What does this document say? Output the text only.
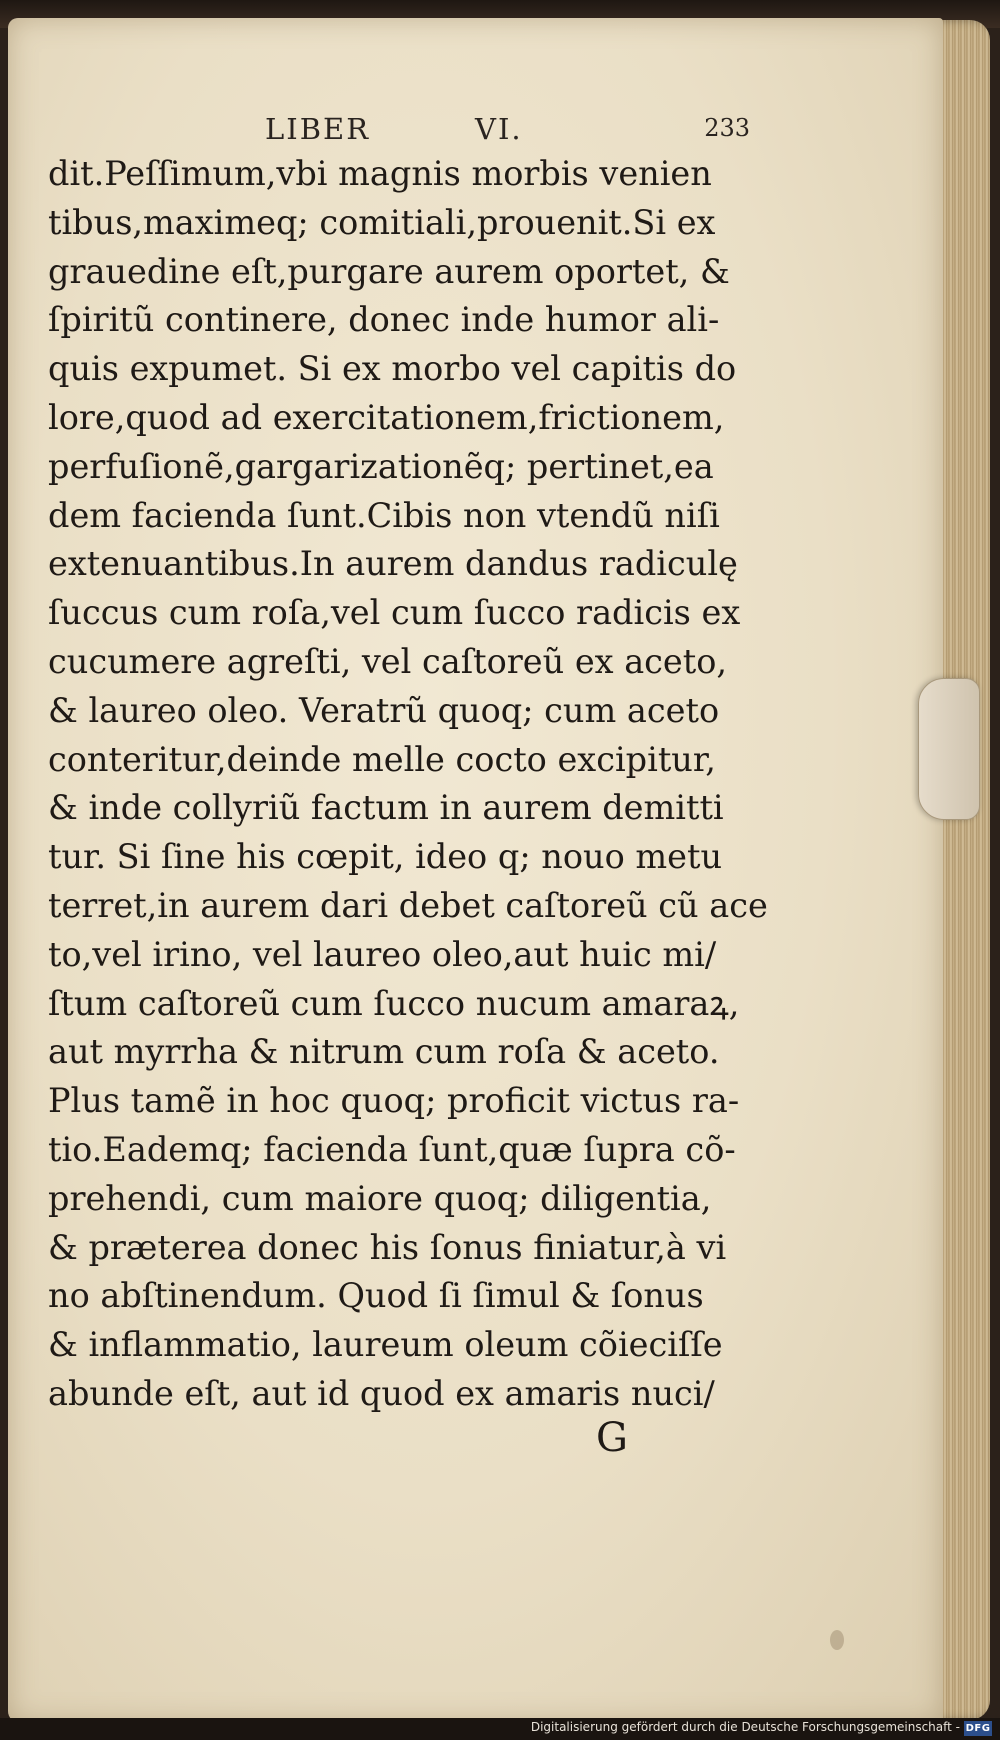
LIBER	VI.	233
dit.Peſſimum,vbi magnis morbis venien
tibus,maximeq; comitiali,prouenit.Si ex
grauedine eſt,purgare aurem oportet, &
ſpiritũ continere, donec inde humor ali-
quis expumet. Si ex morbo vel capitis do
lore,quod ad exercitationem,frictionem,
perfuſionẽ,gargarizationẽq; pertinet,ea
dem facienda ſunt.Cibis non vtendũ niſi
extenuantibus.In aurem dandus radiculę
ſuccus cum roſa,vel cum ſucco radicis ex
cucumere agreſti, vel caſtoreũ ex aceto,
& laureo oleo. Veratrũ quoq; cum aceto
conteritur,deinde melle cocto excipitur,
& inde collyriũ factum in aurem demitti
tur. Si ſine his cœpit, ideo q; nouo metu
terret,in aurem dari debet caſtoreũ cũ ace
to,vel irino, vel laureo oleo,aut huic mi/
ſtum caſtoreũ cum ſucco nucum amaraꝝ,
aut myrrha & nitrum cum roſa & aceto.
Plus tamẽ in hoc quoq; proficit victus ra-
tio.Eademq; facienda ſunt,quæ ſupra cõ-
prehendi, cum maiore quoq; diligentia,
& præterea donec his ſonus finiatur,à vi
no abſtinendum. Quod ſi ſimul & ſonus
& inflammatio, laureum oleum cõieciſſe
abunde eſt, aut id quod ex amaris nuci/
G
Digitalisierung gefördert durch die Deutsche Forschungsgemeinschaft - DFG
